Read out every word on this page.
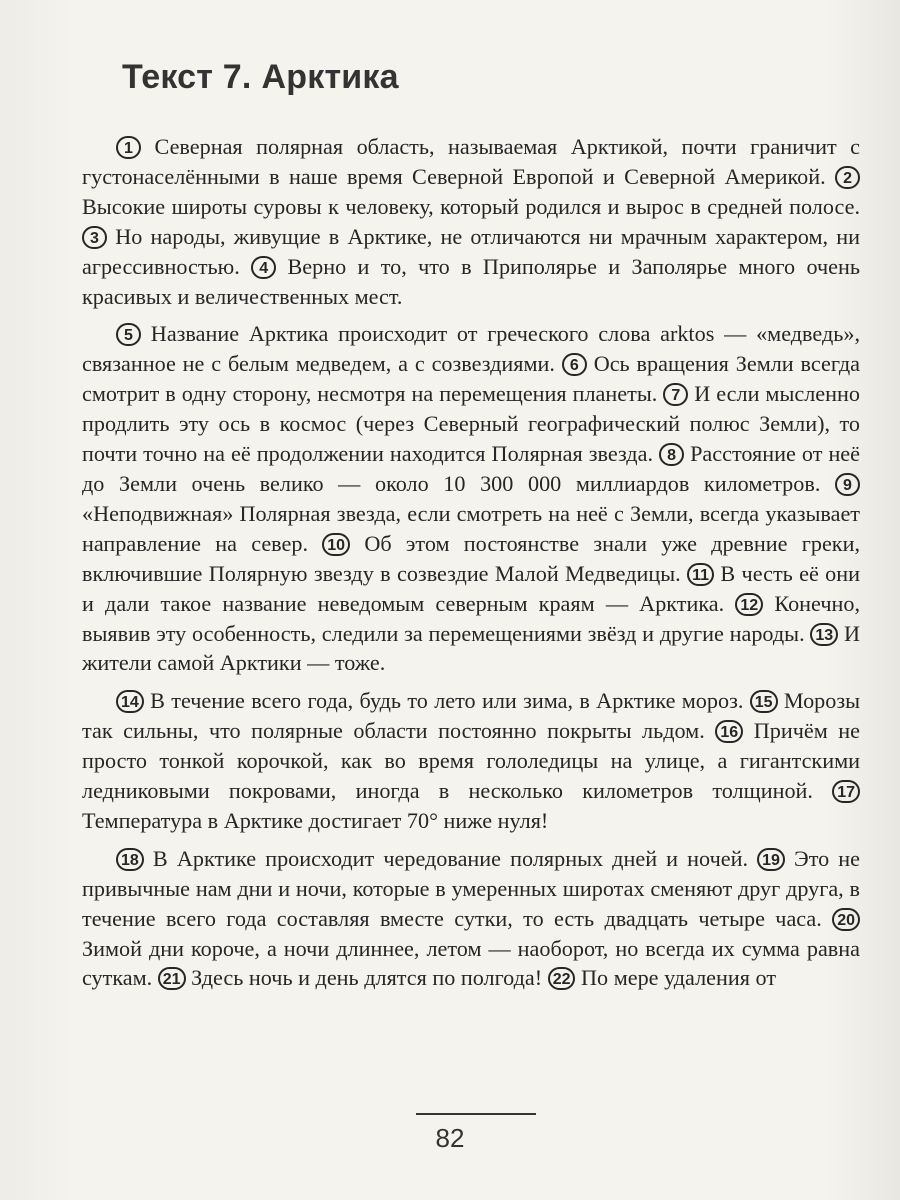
Текст 7. Арктика

1 Северная полярная область, называемая Арктикой, почти граничит с густонаселёнными в наше время Северной Европой и Северной Америкой. 2 Высокие широты суровы к человеку, который родился и вырос в средней полосе. 3 Но народы, живущие в Арктике, не отличаются ни мрачным характером, ни агрессивностью. 4 Верно и то, что в Приполярье и Заполярье много очень красивых и величественных мест.

5 Название Арктика происходит от греческого слова arktos — «медведь», связанное не с белым медведем, а с созвездиями. 6 Ось вращения Земли всегда смотрит в одну сторону, несмотря на перемещения планеты. 7 И если мысленно продлить эту ось в космос (через Северный географический полюс Земли), то почти точно на её продолжении находится Полярная звезда. 8 Расстояние от неё до Земли очень велико — около 10 300 000 миллиардов километров. 9 «Неподвижная» Полярная звезда, если смотреть на неё с Земли, всегда указывает направление на север. 10 Об этом постоянстве знали уже древние греки, включившие Полярную звезду в созвездие Малой Медведицы. 11 В честь её они и дали такое название неведомым северным краям — Арктика. 12 Конечно, выявив эту особенность, следили за перемещениями звёзд и другие народы. 13 И жители самой Арктики — тоже.

14 В течение всего года, будь то лето или зима, в Арктике мороз. 15 Морозы так сильны, что полярные области постоянно покрыты льдом. 16 Причём не просто тонкой корочкой, как во время гололедицы на улице, а гигантскими ледниковыми покровами, иногда в несколько километров толщиной. 17 Температура в Арктике достигает 70° ниже нуля!

18 В Арктике происходит чередование полярных дней и ночей. 19 Это не привычные нам дни и ночи, которые в умеренных широтах сменяют друг друга, в течение всего года составляя вместе сутки, то есть двадцать четыре часа. 20 Зимой дни короче, а ночи длиннее, летом — наоборот, но всегда их сумма равна суткам. 21 Здесь ночь и день длятся по полгода! 22 По мере удаления от

82
